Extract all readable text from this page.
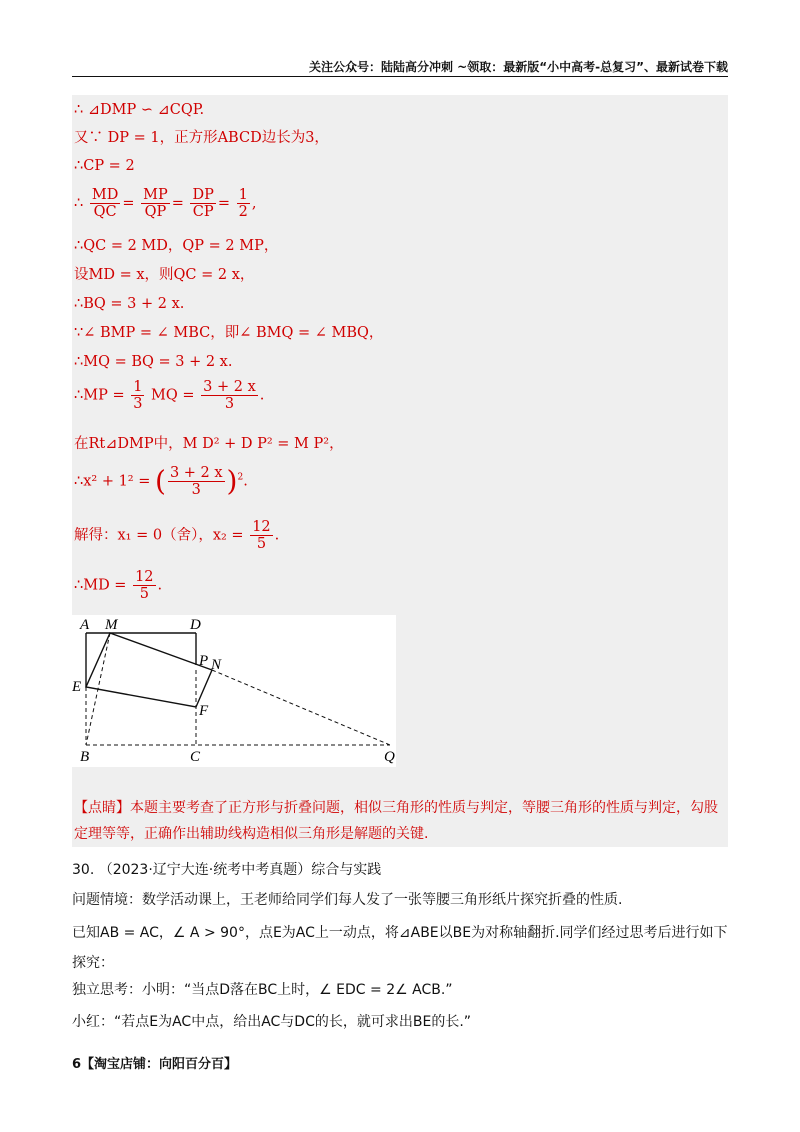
关注公众号：陆陆高分冲刺 ~领取：最新版“小中高考-总复习”、最新试卷下载
∴ ⊿DMP ∽ ⊿CQP.
又∵ DP = 1，正方形ABCD边长为3，
∴CP = 2
∴ $\frac{MD}{QC} = \frac{MP}{QP} = \frac{DP}{CP} = \frac{1}{2}$ ,
∴QC = 2 MD，QP = 2 MP，
设MD = x，则QC = 2 x，
∴BQ = 3 + 2 x.
∵∠ BMP = ∠ MBC，即∠ BMQ = ∠ MBQ，
∴MQ = BQ = 3 + 2 x.
∴MP = $\frac{1}{3}$ MQ = $\frac{3 + 2 x}{3}$ .
在Rt⊿DMP中，M D² + D P² = M P²，
∴x² + 1² = ( $\frac{3 + 2 x}{3} )^2$.
解得：x₁ = 0（舍），$x_2 = \frac{12}{5}$ .
∴MD = $\frac{12}{5}$ .
A M	D
P N
E
F
B	C	Q
【点睛】本题主要考查了正方形与折叠问题，相似三角形的性质与判定，等腰三角形的性质与判定，勾股定理等等，正确作出辅助线构造相似三角形是解题的关键.
30. （2023·辽宁大连·统考中考真题）综合与实践
问题情境：数学活动课上，王老师给同学们每人发了一张等腰三角形纸片探究折叠的性质.
已知AB = AC，∠ A > 90°，点E为AC上一动点，将⊿ABE以BE为对称轴翻折.同学们经过思考后进行如下探究：
独立思考：小明：“当点D落在BC上时，∠ EDC = 2∠ ACB.”
小红：“若点E为AC中点，给出AC与DC的长，就可求出BE的长.”
6【淘宝店铺：向阳百分百】
